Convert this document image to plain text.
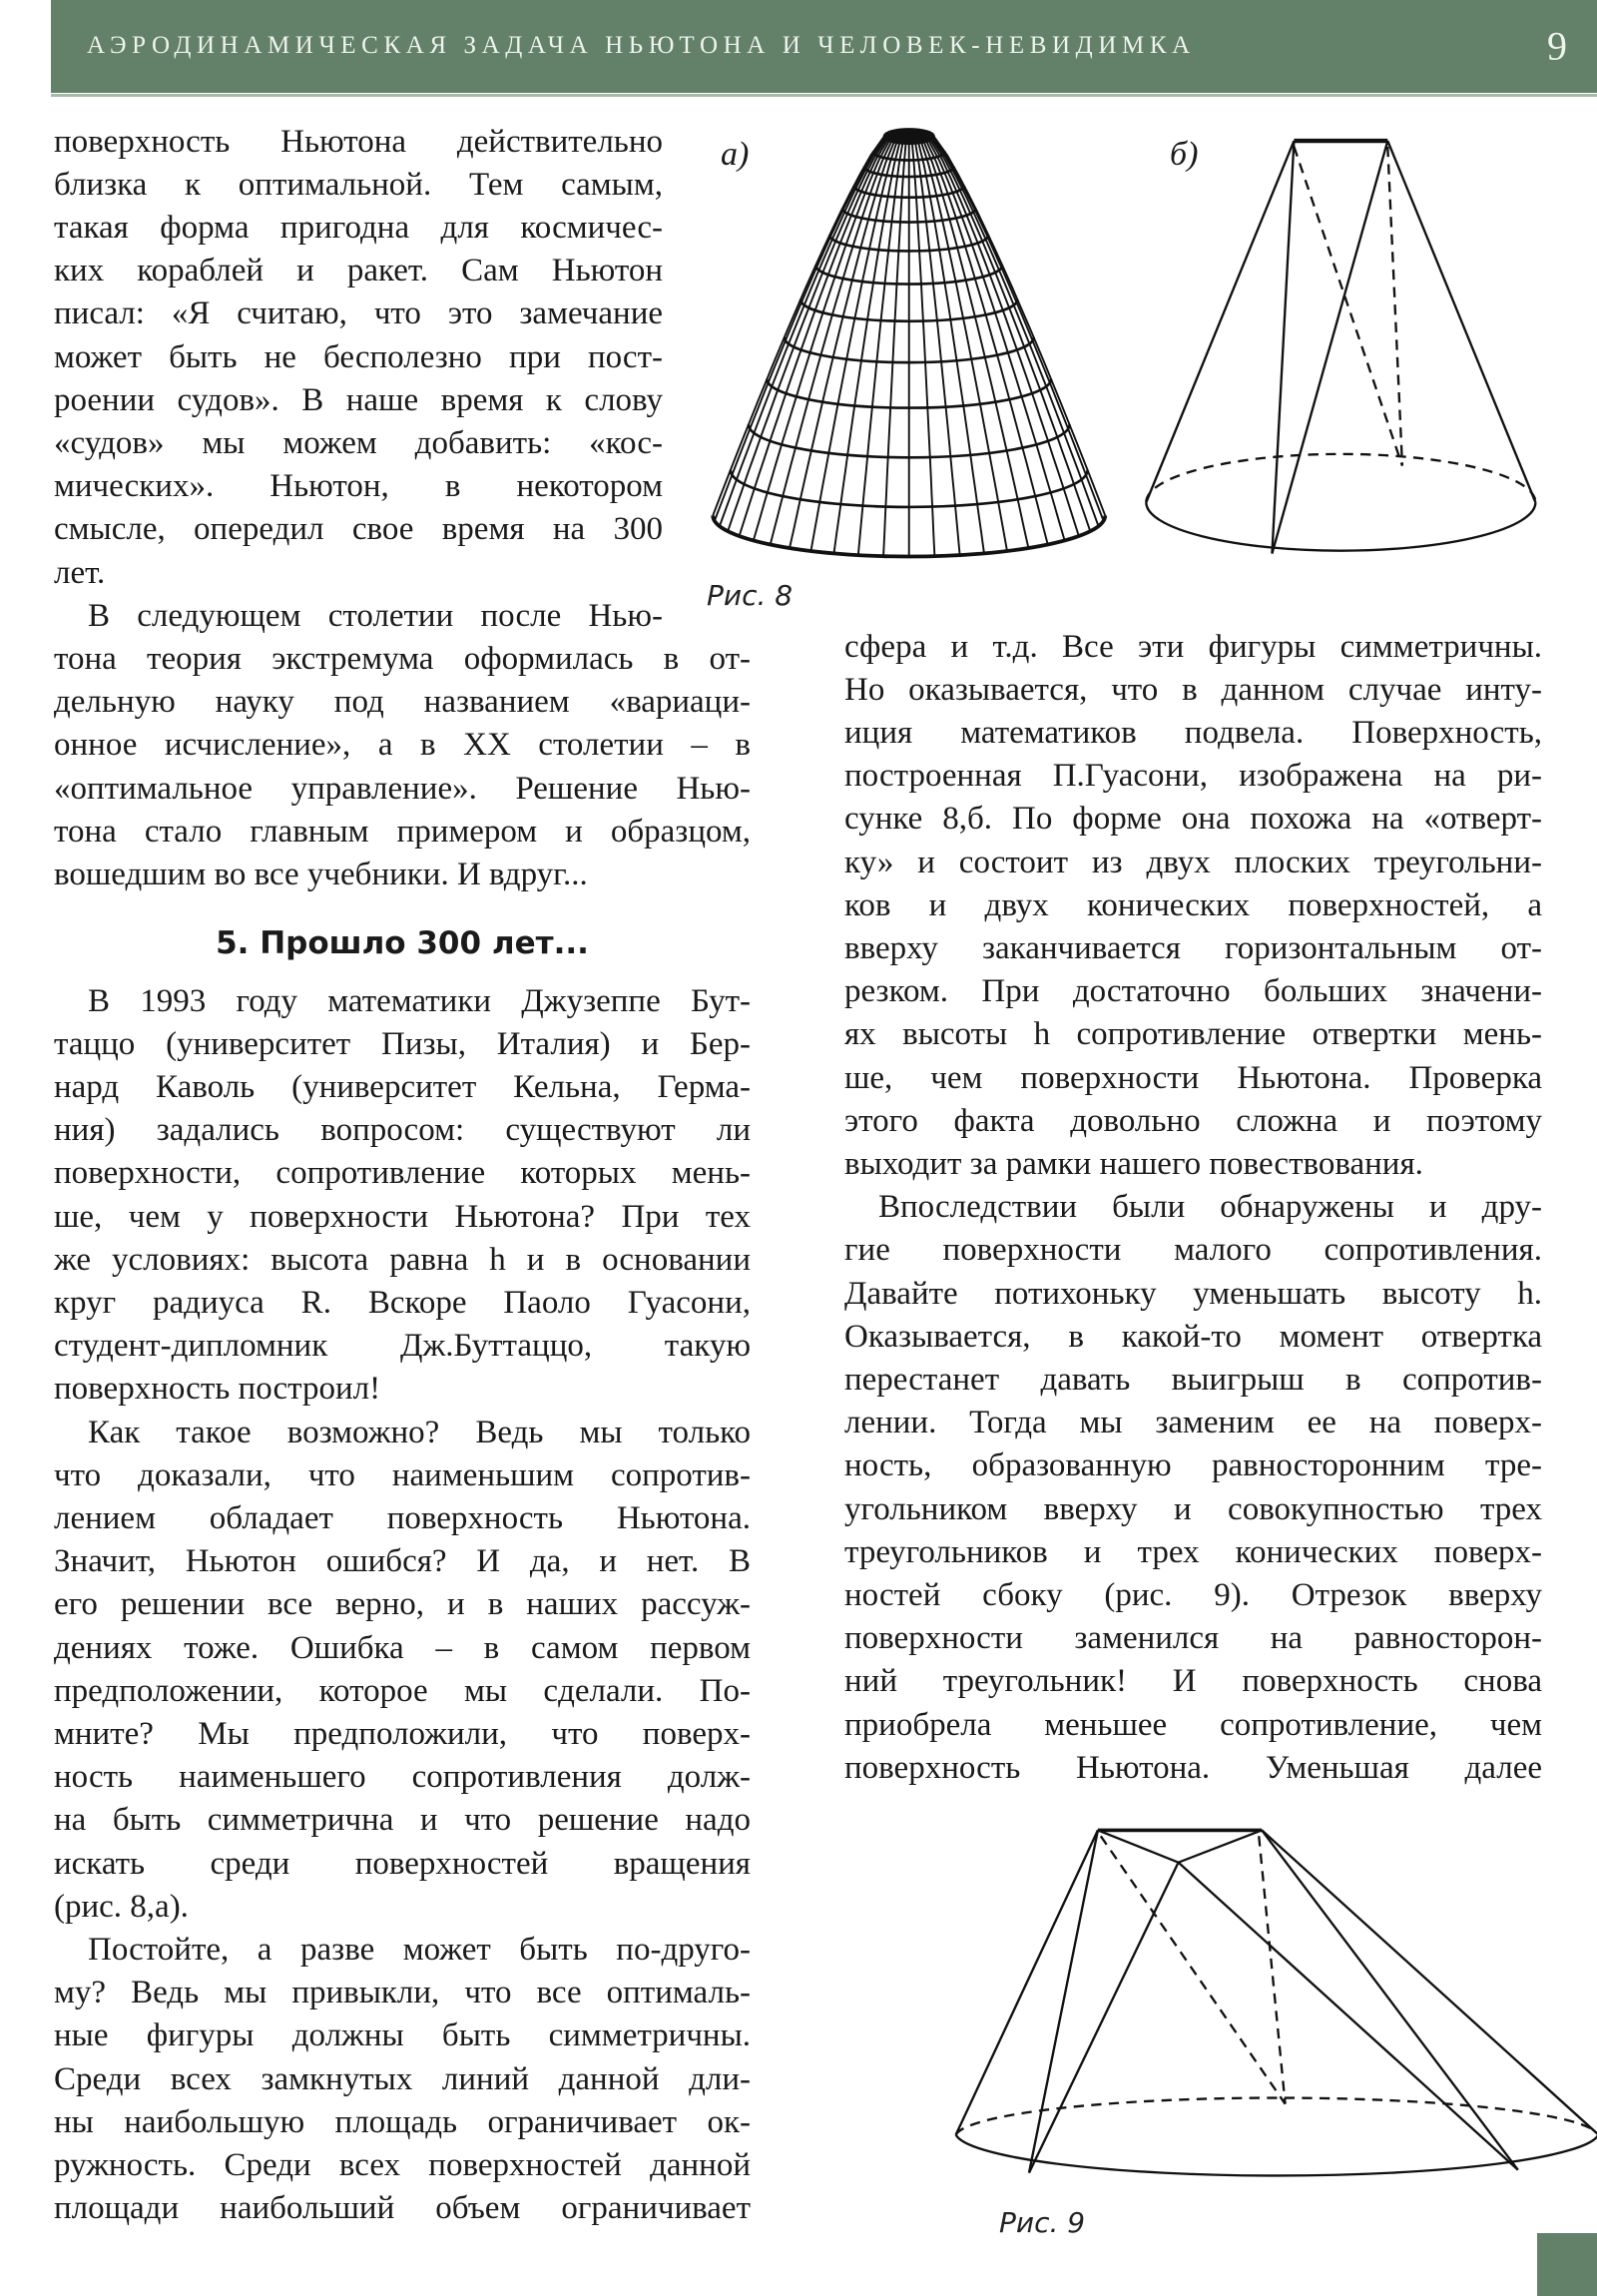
АЭРОДИНАМИЧЕСКАЯ ЗАДАЧА НЬЮТОНА И ЧЕЛОВЕК-НЕВИДИМКА	9
а)	б)
Рис. 8
Рис. 9
5. Прошло 300 лет...
поверхность Ньютона действительно
близка к оптимальной. Тем самым,
такая форма пригодна для космичес-
ких кораблей и ракет. Сам Ньютон
писал: «Я считаю, что это замечание
может быть не бесполезно при пост-
роении судов». В наше время к слову
«судов» мы можем добавить: «кос-
мических». Ньютон, в некотором
смысле, опередил свое время на 300
лет.
В следующем столетии после Нью-
тона теория экстремума оформилась в от-
дельную науку под названием «вариаци-
онное исчисление», а в XX столетии – в
«оптимальное управление». Решение Нью-
тона стало главным примером и образцом,
вошедшим во все учебники. И вдруг...
В 1993 году математики Джузеппе Бут-
таццо (университет Пизы, Италия) и Бер-
нард Каволь (университет Кельна, Герма-
ния) задались вопросом: существуют ли
поверхности, сопротивление которых мень-
ше, чем у поверхности Ньютона? При тех
же условиях: высота равна h и в основании
круг радиуса R. Вскоре Паоло Гуасони,
студент-дипломник Дж.Буттаццо, такую
поверхность построил!
Как такое возможно? Ведь мы только
что доказали, что наименьшим сопротив-
лением обладает поверхность Ньютона.
Значит, Ньютон ошибся? И да, и нет. В
его решении все верно, и в наших рассуж-
дениях тоже. Ошибка – в самом первом
предположении, которое мы сделали. По-
мните? Мы предположили, что поверх-
ность наименьшего сопротивления долж-
на быть симметрична и что решение надо
искать среди поверхностей вращения
(рис. 8,а).
Постойте, а разве может быть по-друго-
му? Ведь мы привыкли, что все оптималь-
ные фигуры должны быть симметричны.
Среди всех замкнутых линий данной дли-
ны наибольшую площадь ограничивает ок-
ружность. Среди всех поверхностей данной
площади наибольший объем ограничивает
сфера и т.д. Все эти фигуры симметричны.
Но оказывается, что в данном случае инту-
иция математиков подвела. Поверхность,
построенная П.Гуасони, изображена на ри-
сунке 8,б. По форме она похожа на «отверт-
ку» и состоит из двух плоских треугольни-
ков и двух конических поверхностей, а
вверху заканчивается горизонтальным от-
резком. При достаточно больших значени-
ях высоты h сопротивление отвертки мень-
ше, чем поверхности Ньютона. Проверка
этого факта довольно сложна и поэтому
выходит за рамки нашего повествования.
Впоследствии были обнаружены и дру-
гие поверхности малого сопротивления.
Давайте потихоньку уменьшать высоту h.
Оказывается, в какой-то момент отвертка
перестанет давать выигрыш в сопротив-
лении. Тогда мы заменим ее на поверх-
ность, образованную равносторонним тре-
угольником вверху и совокупностью трех
треугольников и трех конических поверх-
ностей сбоку (рис. 9). Отрезок вверху
поверхности заменился на равносторон-
ний треугольник! И поверхность снова
приобрела меньшее сопротивление, чем
поверхность Ньютона. Уменьшая далее
